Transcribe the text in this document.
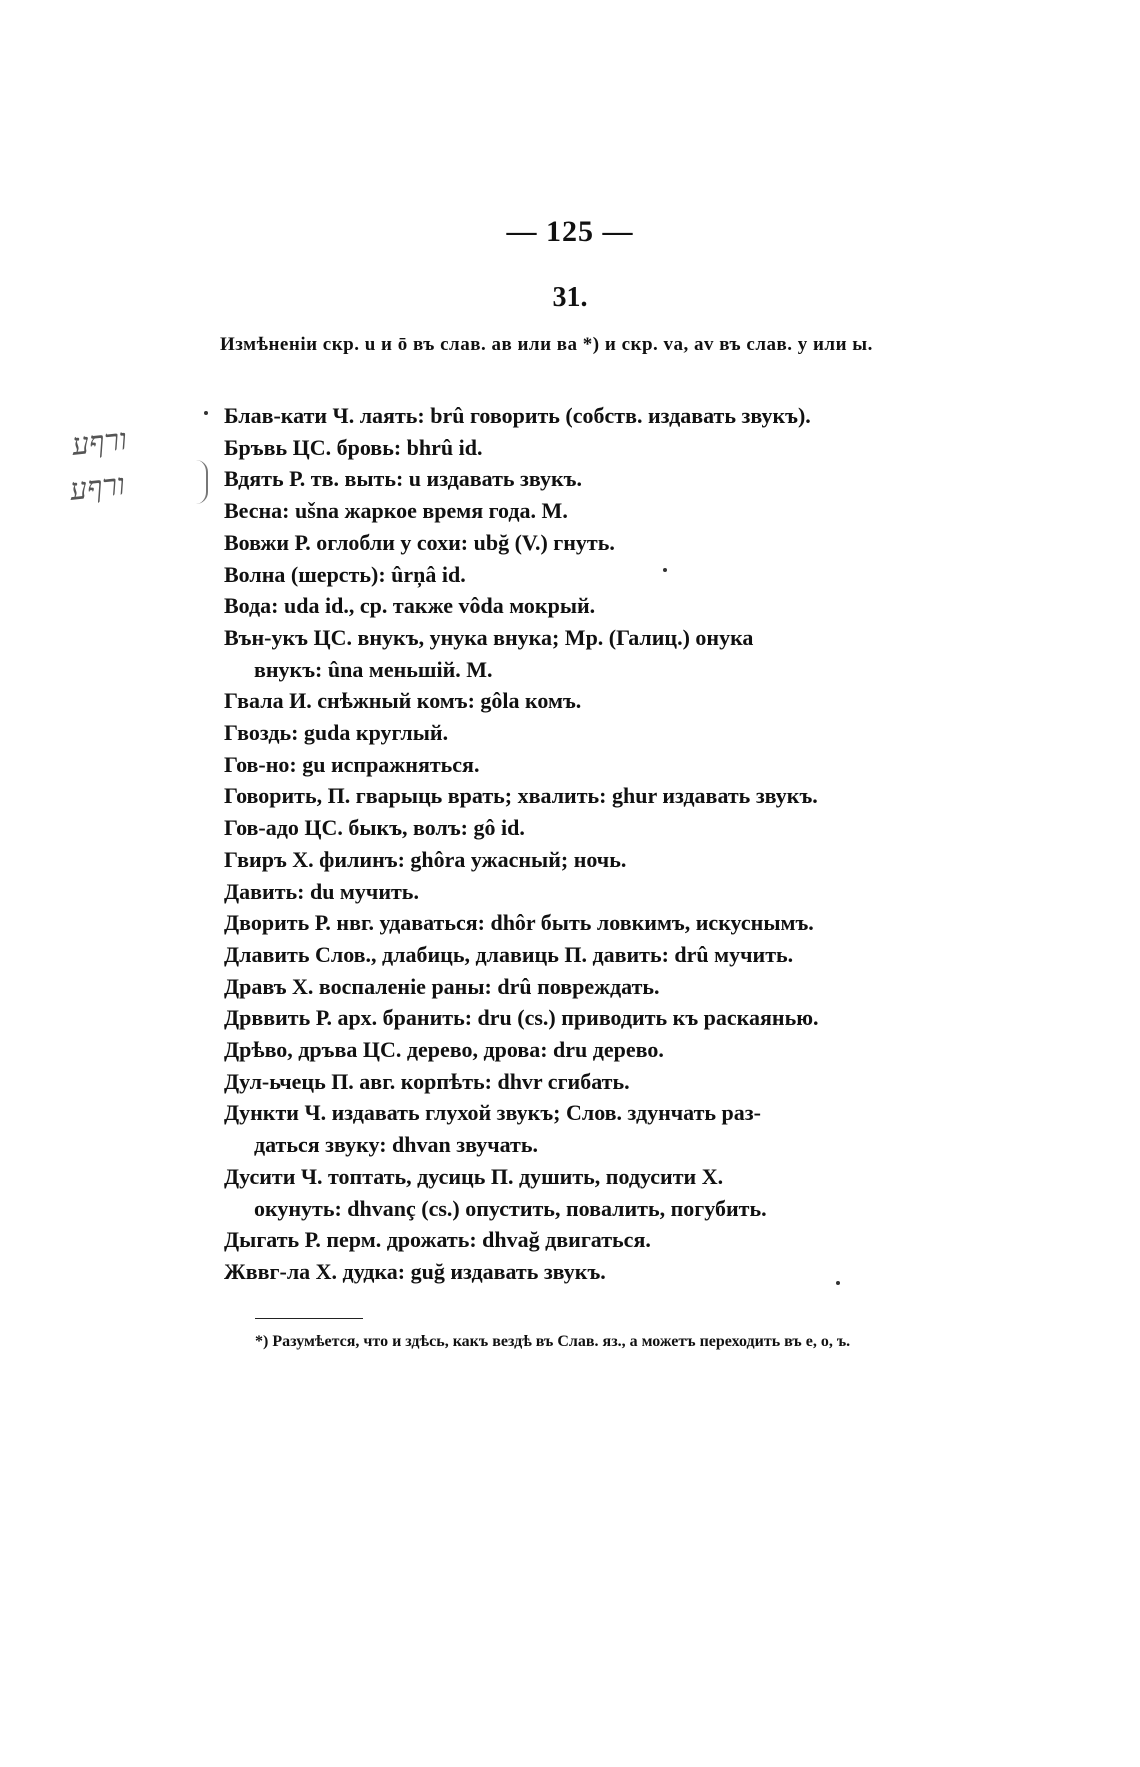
— 125 —
31.
Измѣненіи скр. u и ō въ слав. ав или ва *) и скр. va, av въ слав. у или ы.
ורףע
ורףע
Блав-кати Ч. лаять: brû говорить (собств. издавать звукъ).
Бръвь ЦС. бровь: bhrû id.
Вдять Р. тв. выть: u издавать звукъ.
Весна: ušna жаркое время года. М.
Вовжи Р. оглобли у сохи: ubğ (V.) гнуть.
Волна (шерсть): ûrņâ id.
Вода: uda id., ср. также vôda мокрый.
Вън-укъ ЦС. внукъ, унука внука; Мр. (Галиц.) онука
внукъ: ûna меньшій. М.
Гвала И. снѣжный комъ: gôla комъ.
Гвоздь: guda круглый.
Гов-но: gu испражняться.
Говорить, П. гварыць врать; хвалить: ghur издавать звукъ.
Гов-адо ЦС. быкъ, волъ: gô id.
Гвиръ Х. филинъ: ghôra ужасный; ночь.
Давить: du мучить.
Дворить Р. нвг. удаваться: dhôr быть ловкимъ, искуснымъ.
Длавить Слов., длабиць, длавиць П. давить: drû мучить.
Дравъ Х. воспаленіе раны: drû повреждать.
Дрввить Р. арх. бранить: dru (cs.) приводить къ раскаянью.
Дрѣво, дръва ЦС. дерево, дрова: dru дерево.
Дул-ьчець П. авг. корпѣть: dhvr сгибать.
Дункти Ч. издавать глухой звукъ; Слов. здунчать раз-
даться звуку: dhvan звучать.
Дусити Ч. топтать, дусиць П. душить, подусити Х.
окунуть: dhvanç (cs.) опустить, повалить, погубить.
Дыгать Р. перм. дрожать: dhvağ двигаться.
Жввг-ла Х. дудка: guğ издавать звукъ.
*) Разумѣется, что и здѣсь, какъ вездѣ въ Слав. яз., а можетъ переходить въ е, о, ъ.
